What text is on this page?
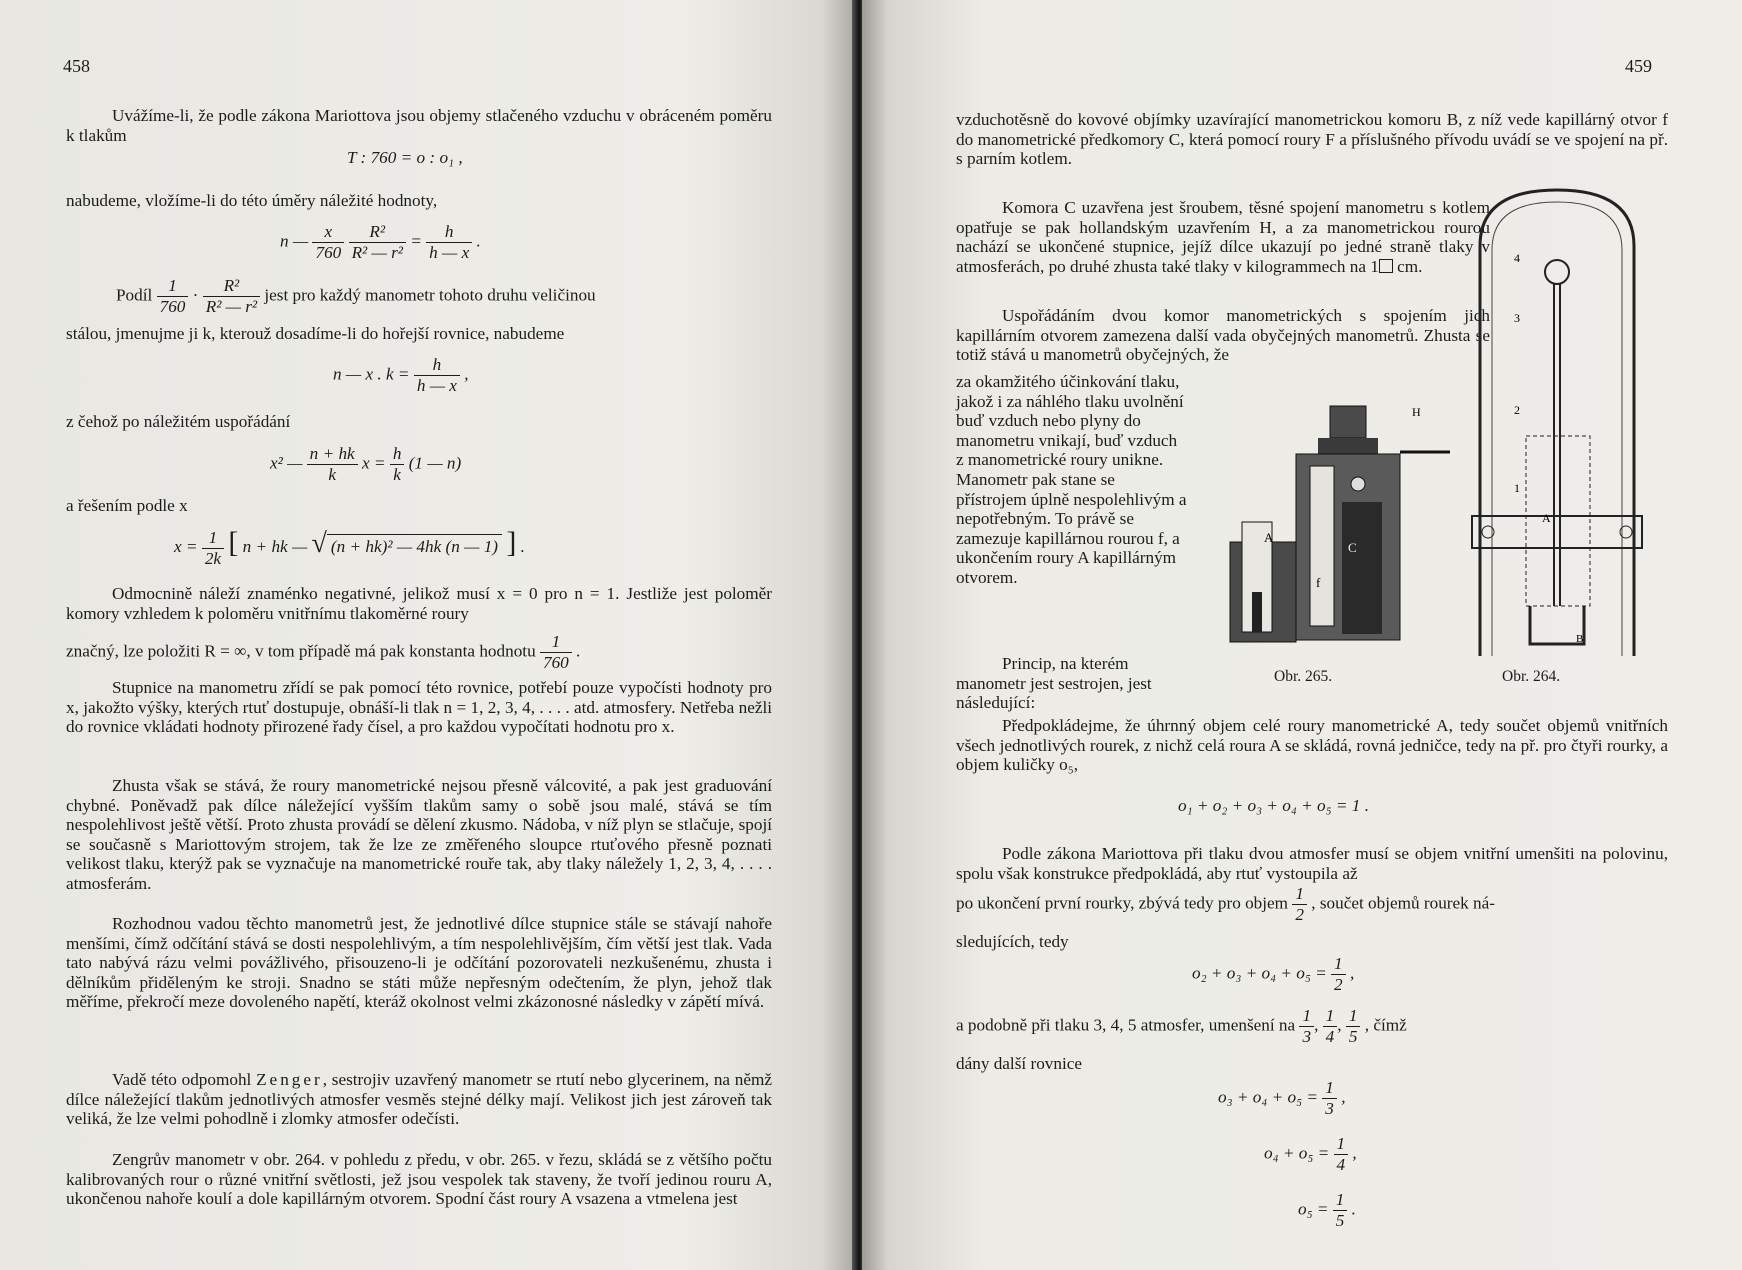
458
Uvážíme-li, že podle zákona Mariottova jsou objemy stlačeného vzduchu v obráceném poměru k tlakům
T : 760 = o : o₁ ,
nabudeme, vložíme-li do této úměry náležité hodnoty,
n — $\frac{x}{760}$
$\frac{\text{R²}}{\text{R² — r²}} = \frac{h}{h — x}$ .
Podíl $\frac{1}{760} \cdot \frac{\text{R²}}{\text{R² — r²}}$ jest pro každý manometr tohoto druhu veličinou
stálou, jmenujme ji k, kterouž dosadíme-li do hořejší rovnice, nabudeme
n — x . $k = \frac{h}{h — x}$ ,
z čehož po náležitém uspořádání
x² — $\frac{n + hk}{k}$ $x = \frac{h}{k} (1$ — n)
a řešením podle x
$x = \frac{1}{2k}$ [ n + hk — √ (n + hk)² — 4hk (n — 1) ] .
Odmocnině náleží znaménko negativné, jelikož musí x = 0 pro n = 1. Jestliže jest poloměr komory vzhledem k poloměru vnitřnímu tlakoměrné roury
značný, lze položiti R = ∞, v tom případě má pak konstanta hodnotu $\frac{1}{760}$ .
Stupnice na manometru zřídí se pak pomocí této rovnice, potřebí pouze vypočísti hodnoty pro x, jakožto výšky, kterých rtuť dostupuje, obnáší-li tlak n = 1, 2, 3, 4, . . . . atd. atmosfery. Netřeba nežli do rovnice vkládati hodnoty přirozené řady čísel, a pro každou vypočítati hodnotu pro x.
Zhusta však se stává, že roury manometrické nejsou přesně válcovité, a pak jest graduování chybné. Poněvadž pak dílce náležející vyšším tlakům samy o sobě jsou malé, stává se tím nespolehlivost ještě větší. Proto zhusta provádí se dělení zkusmo. Nádoba, v níž plyn se stlačuje, spojí se současně s Mariottovým strojem, tak že lze ze změřeného sloupce rtuťového přesně poznati velikost tlaku, kterýž pak se vyznačuje na manometrické rouře tak, aby tlaky náležely 1, 2, 3, 4, . . . . atmosferám.
Rozhodnou vadou těchto manometrů jest, že jednotlivé dílce stupnice stále se stávají nahoře menšími, čímž odčítání stává se dosti nespolehlivým, a tím nespolehlivějším, čím větší jest tlak. Vada tato nabývá rázu velmi povážlivého, přisouzeno-li je odčítání pozorovateli nezkušenému, zhusta i dělníkům přiděleným ke stroji. Snadno se státi může nepřesným odečtením, že plyn, jehož tlak měříme, překročí meze dovoleného napětí, kteráž okolnost velmi zkázonosné následky v zápětí mívá.
Vadě této odpomohl Zenger, sestrojiv uzavřený manometr se rtutí nebo glycerinem, na němž dílce náležející tlakům jednotlivých atmosfer vesměs stejné délky mají. Velikost jich jest zároveň tak veliká, že lze velmi pohodlně i zlomky atmosfer odečísti.
Zengrův manometr v obr. 264. v pohledu z předu, v obr. 265. v řezu, skládá se z většího počtu kalibrovaných rour o různé vnitřní světlosti, jež jsou vespolek tak staveny, že tvoří jedinou rouru A, ukončenou nahoře koulí a dole kapillárným otvorem. Spodní část roury A vsazena a vtmelena jest
459
vzduchotěsně do kovové objímky uzavírající manometrickou komoru B, z níž vede kapillárný otvor f do manometrické předkomory C, která pomocí roury F a příslušného přívodu uvádí se ve spojení na př. s parním kotlem.
Komora C uzavřena jest šroubem, těsné spojení manometru s kotlem opatřuje se pak hollandským uzavřením H, a za manometrickou rourou nachází se ukončené stupnice, jejíž dílce ukazují po jedné straně tlaky v atmosferách, po druhé zhusta také tlaky v kilogrammech na 1 cm.
Uspořádáním dvou komor manometrických s spojením jich kapillárním otvorem zamezena další vada obyčejných manometrů. Zhusta se totiž stává u manometrů obyčejných, že
za okamžitého účinkování tlaku, jakož i za náhlého tlaku uvolnění buď vzduch nebo plyny do manometru vnikají, buď vzduch z manometrické roury unikne. Manometr pak stane se přístrojem úplně nespolehlivým a nepotřebným. To právě se zamezuje kapillárnou rourou f, a ukončením roury A kapillárným otvorem.
Princip, na kterém manometr jest sestrojen, jest následující:
A
C
f
4
3
2
1
A
H
B
Obr. 265.	Obr. 264.
Předpokládejme, že úhrnný objem celé roury manometrické A, tedy součet objemů vnitřních všech jednotlivých rourek, z nichž celá roura A se skládá, rovná jedničce, tedy na př. pro čtyři rourky, a objem kuličky o₅,
o₁ + o₂ + o₃ + o₄ + o₅ = 1 .
Podle zákona Mariottova při tlaku dvou atmosfer musí se objem vnitřní umenšiti na polovinu, spolu však konstrukce předpokládá, aby rtuť vystoupila až
po ukončení první rourky, zbývá tedy pro objem $\frac{1}{2}$ , součet objemů rourek ná-
sledujících, tedy
$o_2 + o_3 + o_4 + o_5 = \frac{1}{2}$ ,
a podobně při tlaku 3, 4, 5 atmosfer, umenšení na $\frac{1}{3}$ , $\frac{1}{4}$ , $\frac{1}{5}$ , čímž
dány další rovnice
$o_3 + o_4 + o_5 = \frac{1}{3}$ ,
$o_4 + o_5 = \frac{1}{4}$ ,
$o_5 = \frac{1}{5}$ .
